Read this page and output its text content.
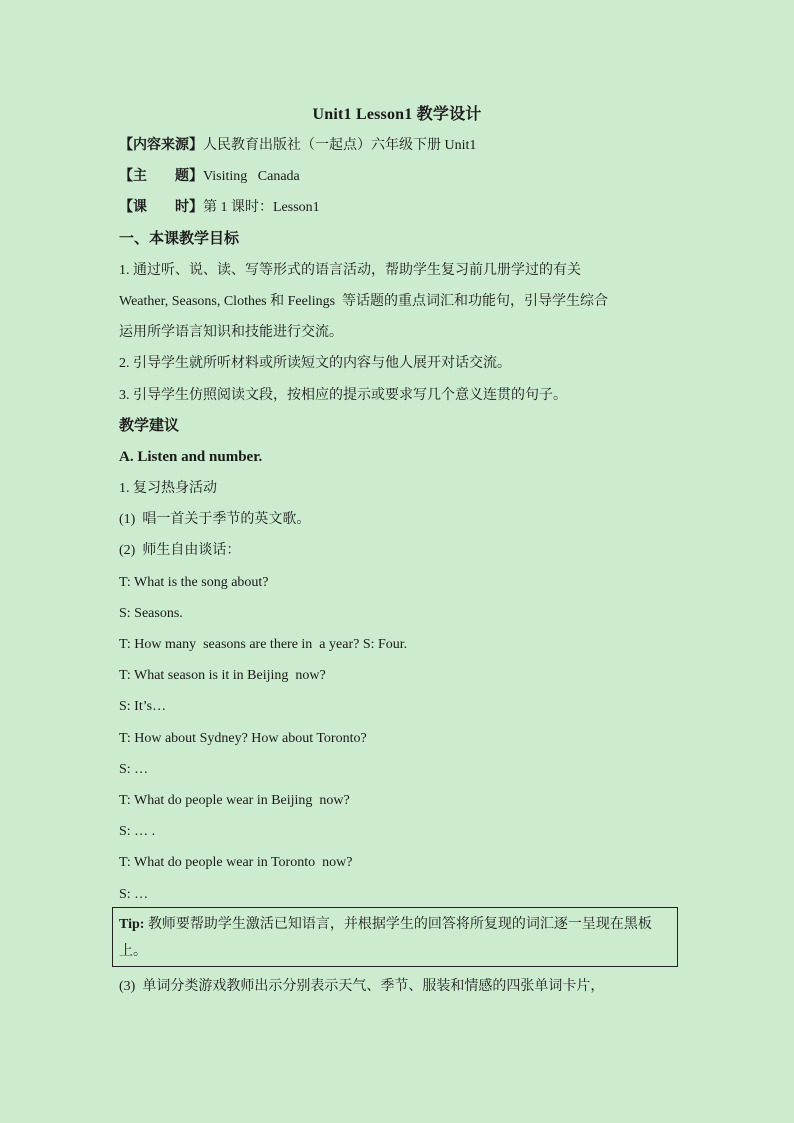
Unit1 Lesson1 教学设计
【内容来源】人民教育出版社（一起点）六年级下册 Unit1
【主        题】Visiting   Canada
【课        时】第 1 课时：Lesson1
一、本课教学目标
1. 通过听、说、读、写等形式的语言活动，帮助学生复习前几册学过的有关
Weather, Seasons, Clothes 和 Feelings  等话题的重点词汇和功能句，引导学生综合
运用所学语言知识和技能进行交流。
2. 引导学生就所听材料或所读短文的内容与他人展开对话交流。
3. 引导学生仿照阅读文段，按相应的提示或要求写几个意义连贯的句子。
教学建议
A. Listen and number.
1. 复习热身活动
(1)  唱一首关于季节的英文歌。
(2)  师生自由谈话：
T: What is the song about?
S: Seasons.
T: How many  seasons are there in  a year? S: Four.
T: What season is it in Beijing  now?
S: It’s…
T: How about Sydney? How about Toronto?
S: …
T: What do people wear in Beijing  now?
S: … .
T: What do people wear in Toronto  now?
S: …
Tip: 教师要帮助学生激活已知语言，并根据学生的回答将所复现的词汇逐一呈现在黑板上。
(3)  单词分类游戏教师出示分别表示天气、季节、服装和情感的四张单词卡片，
